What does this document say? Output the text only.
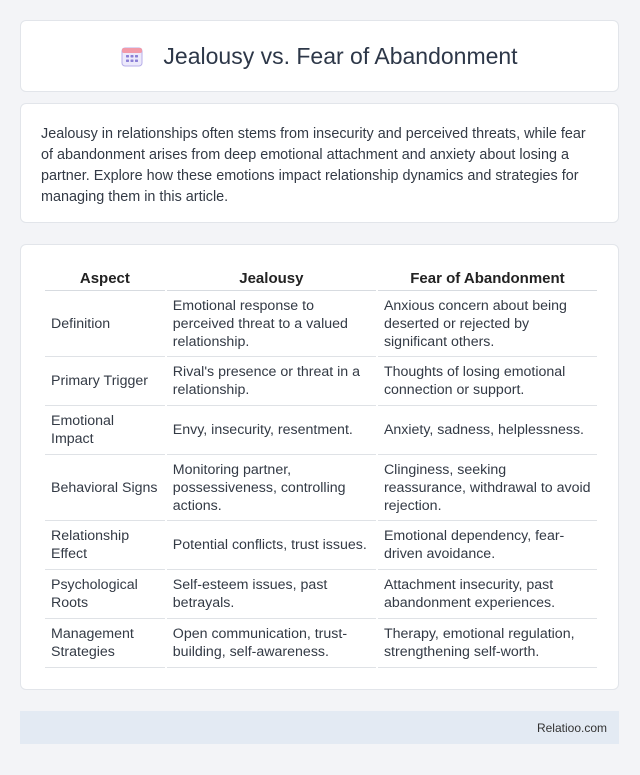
Jealousy vs. Fear of Abandonment

Jealousy in relationships often stems from insecurity and perceived threats, while fear of abandonment arises from deep emotional attachment and anxiety about losing a partner. Explore how these emotions impact relationship dynamics and strategies for managing them in this article.

Aspect	Jealousy	Fear of Abandonment
Definition	Emotional response to perceived threat to a valued relationship.	Anxious concern about being deserted or rejected by significant others.
Primary Trigger	Rival's presence or threat in a relationship.	Thoughts of losing emotional connection or support.
Emotional Impact	Envy, insecurity, resentment.	Anxiety, sadness, helplessness.
Behavioral Signs	Monitoring partner, possessiveness, controlling actions.	Clinginess, seeking reassurance, withdrawal to avoid rejection.
Relationship Effect	Potential conflicts, trust issues.	Emotional dependency, fear-driven avoidance.
Psychological Roots	Self-esteem issues, past betrayals.	Attachment insecurity, past abandonment experiences.
Management Strategies	Open communication, trust-building, self-awareness.	Therapy, emotional regulation, strengthening self-worth.
Relatioo.com
